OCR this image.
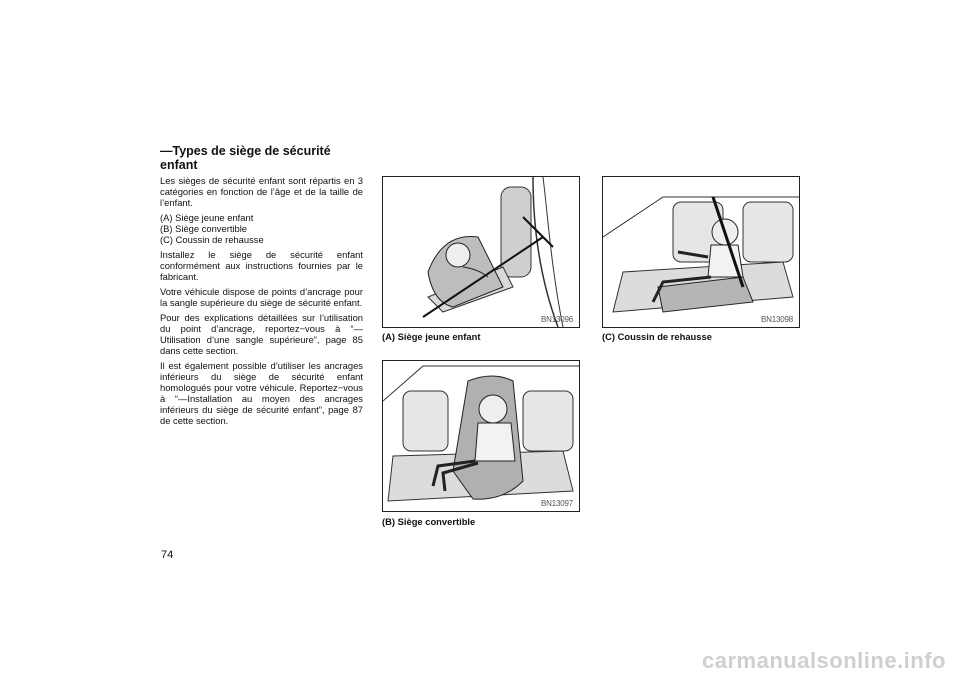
—Types de siège de sécurité enfant

Les sièges de sécurité enfant sont répartis en 3 catégories en fonction de l’âge et de la taille de l’enfant.

(A) Siège jeune enfant
(B) Siège convertible
(C) Coussin de rehausse

Installez le siège de sécurité enfant conformément aux instructions fournies par le fabricant.

Votre véhicule dispose de points d’ancrage pour la sangle supérieure du siège de sécurité enfant.

Pour des explications détaillées sur l’utilisation du point d’ancrage, reportez−vous à “—Utilisation d’une sangle supérieure”, page 85 dans cette section.

Il est également possible d’utiliser les ancrages inférieurs du siège de sécurité enfant homologués pour votre véhicule. Reportez−vous à “—Installation au moyen des ancrages inférieurs du siège de sécurité enfant”, page 87 de cette section.

BN13096
(A) Siège jeune enfant
BN13098
(C) Coussin de rehausse
BN13097
(B) Siège convertible
74
carmanualsonline.info
